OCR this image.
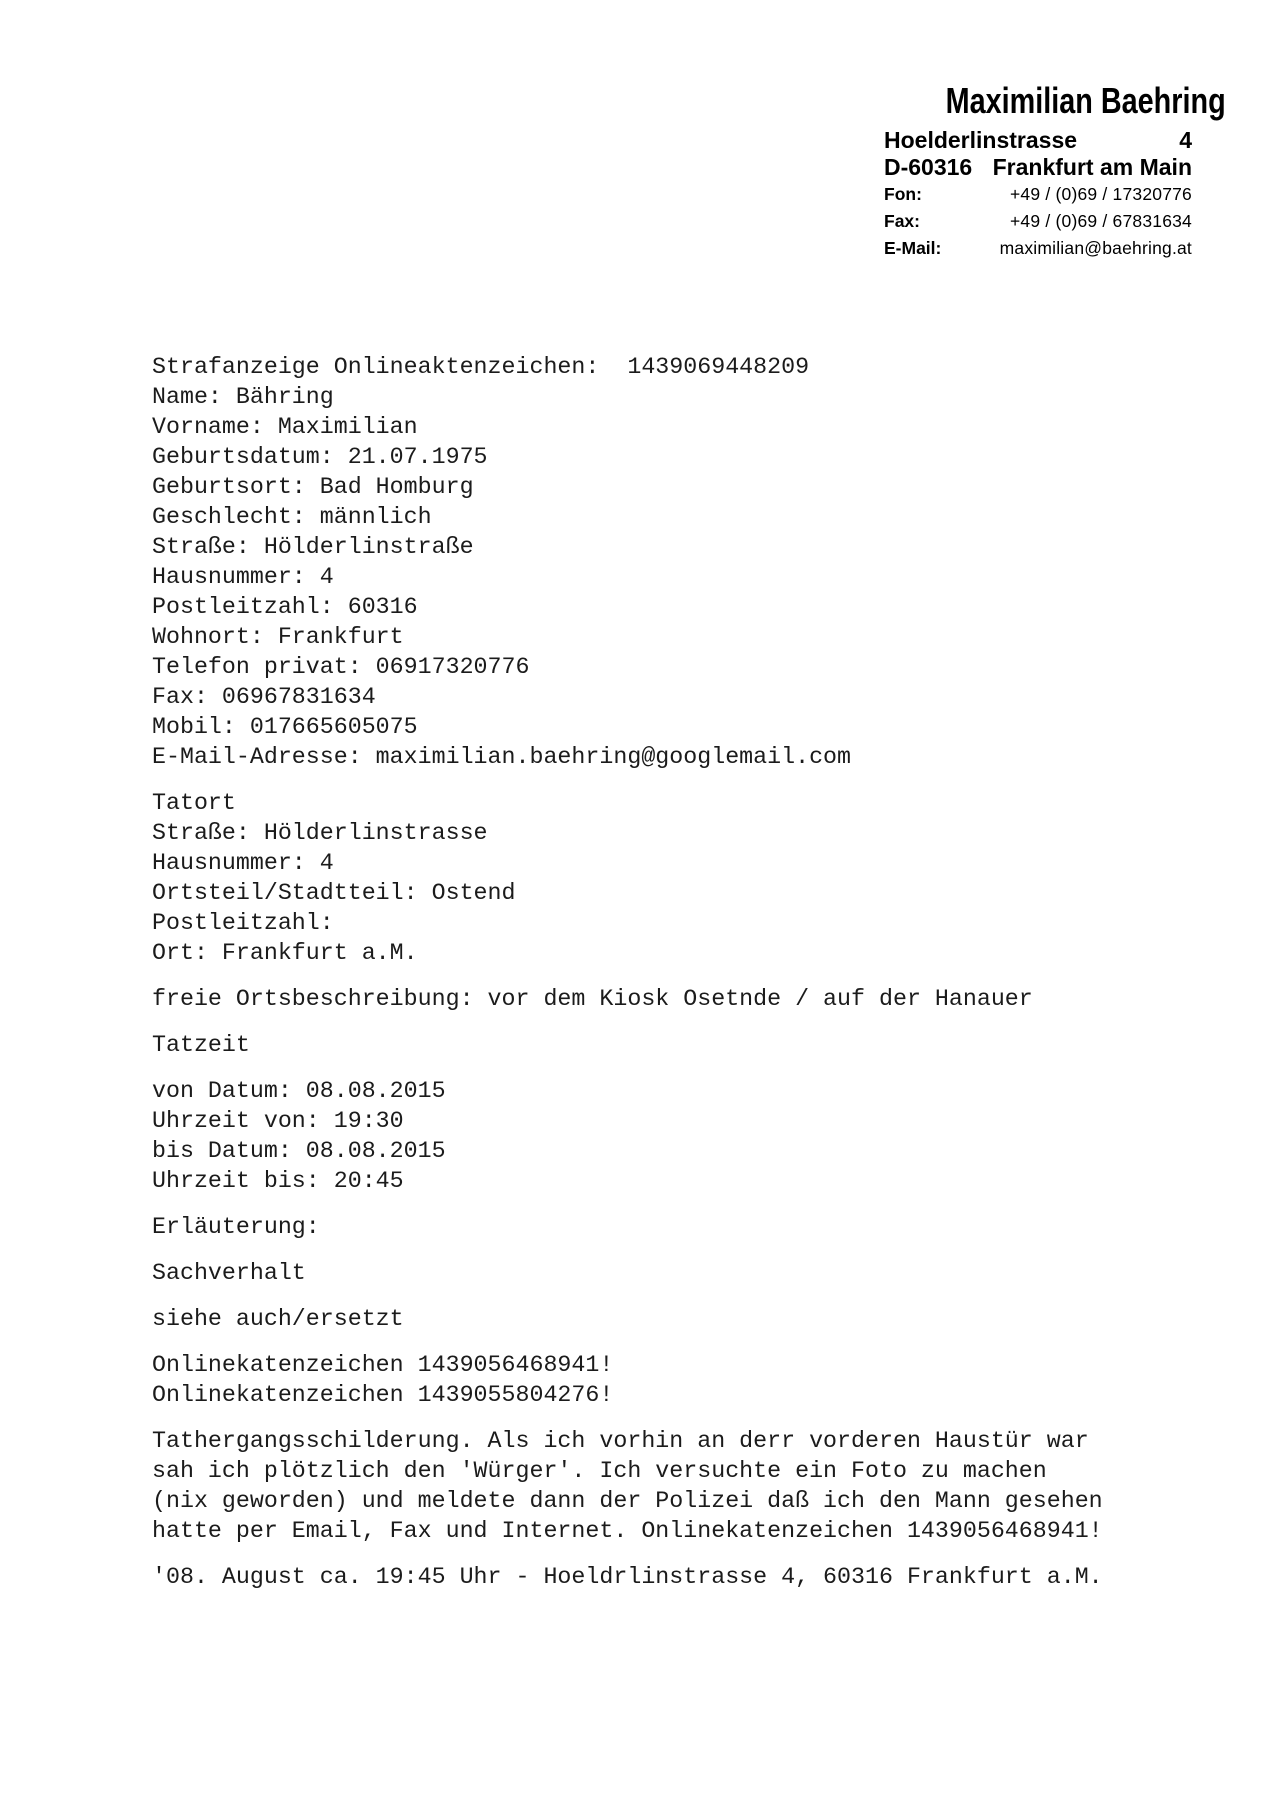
Maximilian Baehring
Hoelderlinstrasse	4
D-60316 Frankfurt am Main
Fon:	+49 / (0)69 / 17320776
Fax:	+49 / (0)69 / 67831634
E-Mail:	maximilian@baehring.at
Strafanzeige Onlineaktenzeichen:  1439069448209
Name: Bähring
Vorname: Maximilian
Geburtsdatum: 21.07.1975
Geburtsort: Bad Homburg
Geschlecht: männlich
Straße: Hölderlinstraße
Hausnummer: 4
Postleitzahl: 60316
Wohnort: Frankfurt
Telefon privat: 06917320776
Fax: 06967831634
Mobil: 017665605075
E-Mail-Adresse: maximilian.baehring@googlemail.com
Tatort
Straße: Hölderlinstrasse
Hausnummer: 4
Ortsteil/Stadtteil: Ostend
Postleitzahl:
Ort: Frankfurt a.M.
freie Ortsbeschreibung: vor dem Kiosk Osetnde / auf der Hanauer
Tatzeit
von Datum: 08.08.2015
Uhrzeit von: 19:30
bis Datum: 08.08.2015
Uhrzeit bis: 20:45
Erläuterung:
Sachverhalt
siehe auch/ersetzt
Onlinekatenzeichen 1439056468941!
Onlinekatenzeichen 1439055804276!
Tathergangsschilderung. Als ich vorhin an derr vorderen Haustür war
sah ich plötzlich den 'Würger'. Ich versuchte ein Foto zu machen
(nix geworden) und meldete dann der Polizei daß ich den Mann gesehen
hatte per Email, Fax und Internet. Onlinekatenzeichen 1439056468941!
'08. August ca. 19:45 Uhr - Hoeldrlinstrasse 4, 60316 Frankfurt a.M.
